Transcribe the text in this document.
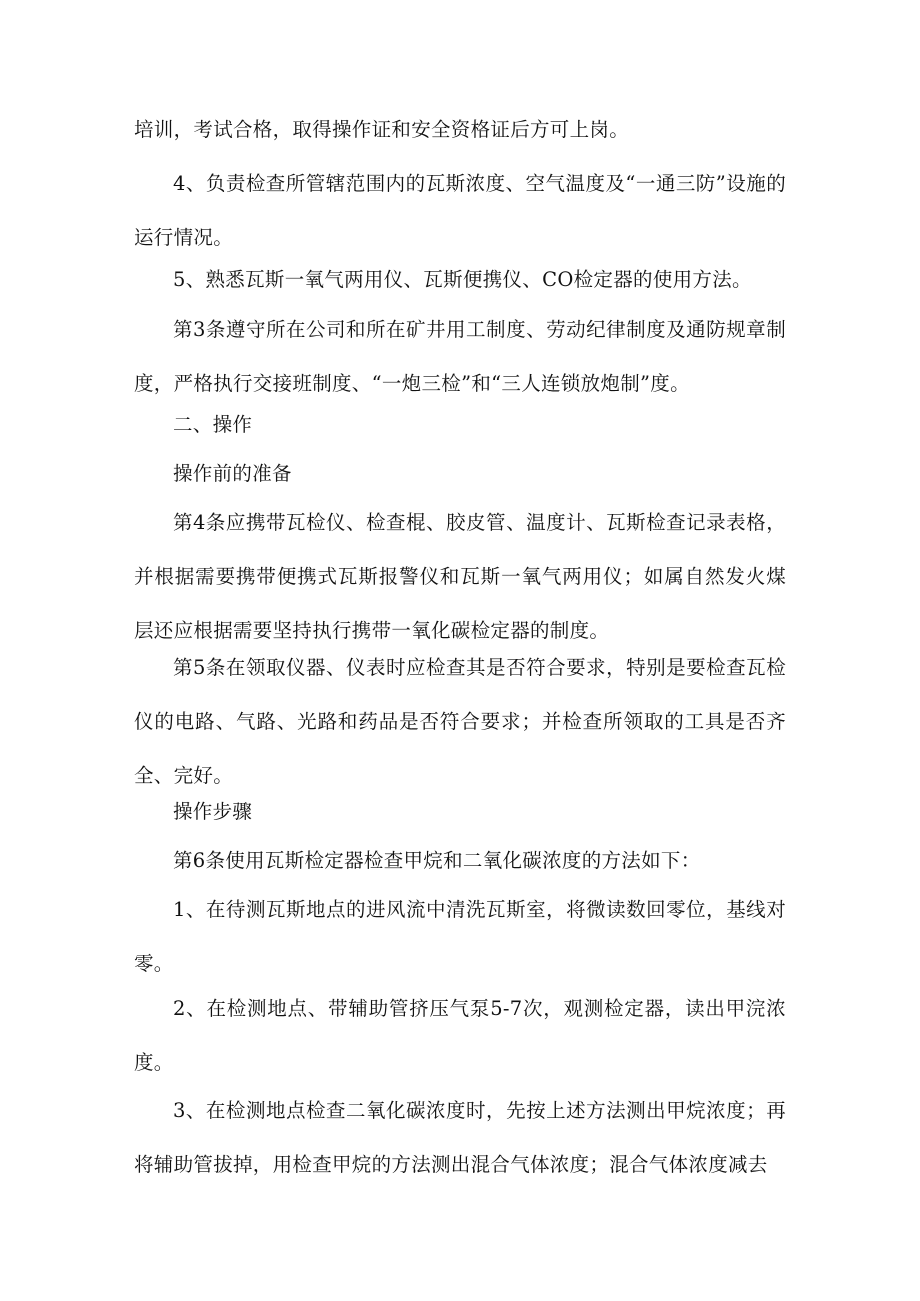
培训，考试合格，取得操作证和安全资格证后方可上岗。

4、负责检查所管辖范围内的瓦斯浓度、空气温度及“一通三防”设施的运行情况。

5、熟悉瓦斯一氧气两用仪、瓦斯便携仪、CO检定器的使用方法。

第3条遵守所在公司和所在矿井用工制度、劳动纪律制度及通防规章制度，严格执行交接班制度、“一炮三检”和“三人连锁放炮制”度。

二、操作

操作前的准备

第4条应携带瓦检仪、检查棍、胶皮管、温度计、瓦斯检查记录表格，并根据需要携带便携式瓦斯报警仪和瓦斯一氧气两用仪；如属自然发火煤层还应根据需要坚持执行携带一氧化碳检定器的制度。

第5条在领取仪器、仪表时应检查其是否符合要求，特别是要检查瓦检仪的电路、气路、光路和药品是否符合要求；并检查所领取的工具是否齐全、完好。

操作步骤

第6条使用瓦斯检定器检查甲烷和二氧化碳浓度的方法如下：

1、在待测瓦斯地点的进风流中清洗瓦斯室，将微读数回零位，基线对零。

2、在检测地点、带辅助管挤压气泵5-7次，观测检定器，读出甲浣浓度。

3、在检测地点检查二氧化碳浓度时，先按上述方法测出甲烷浓度；再将辅助管拔掉，用检查甲烷的方法测出混合气体浓度；混合气体浓度减去
